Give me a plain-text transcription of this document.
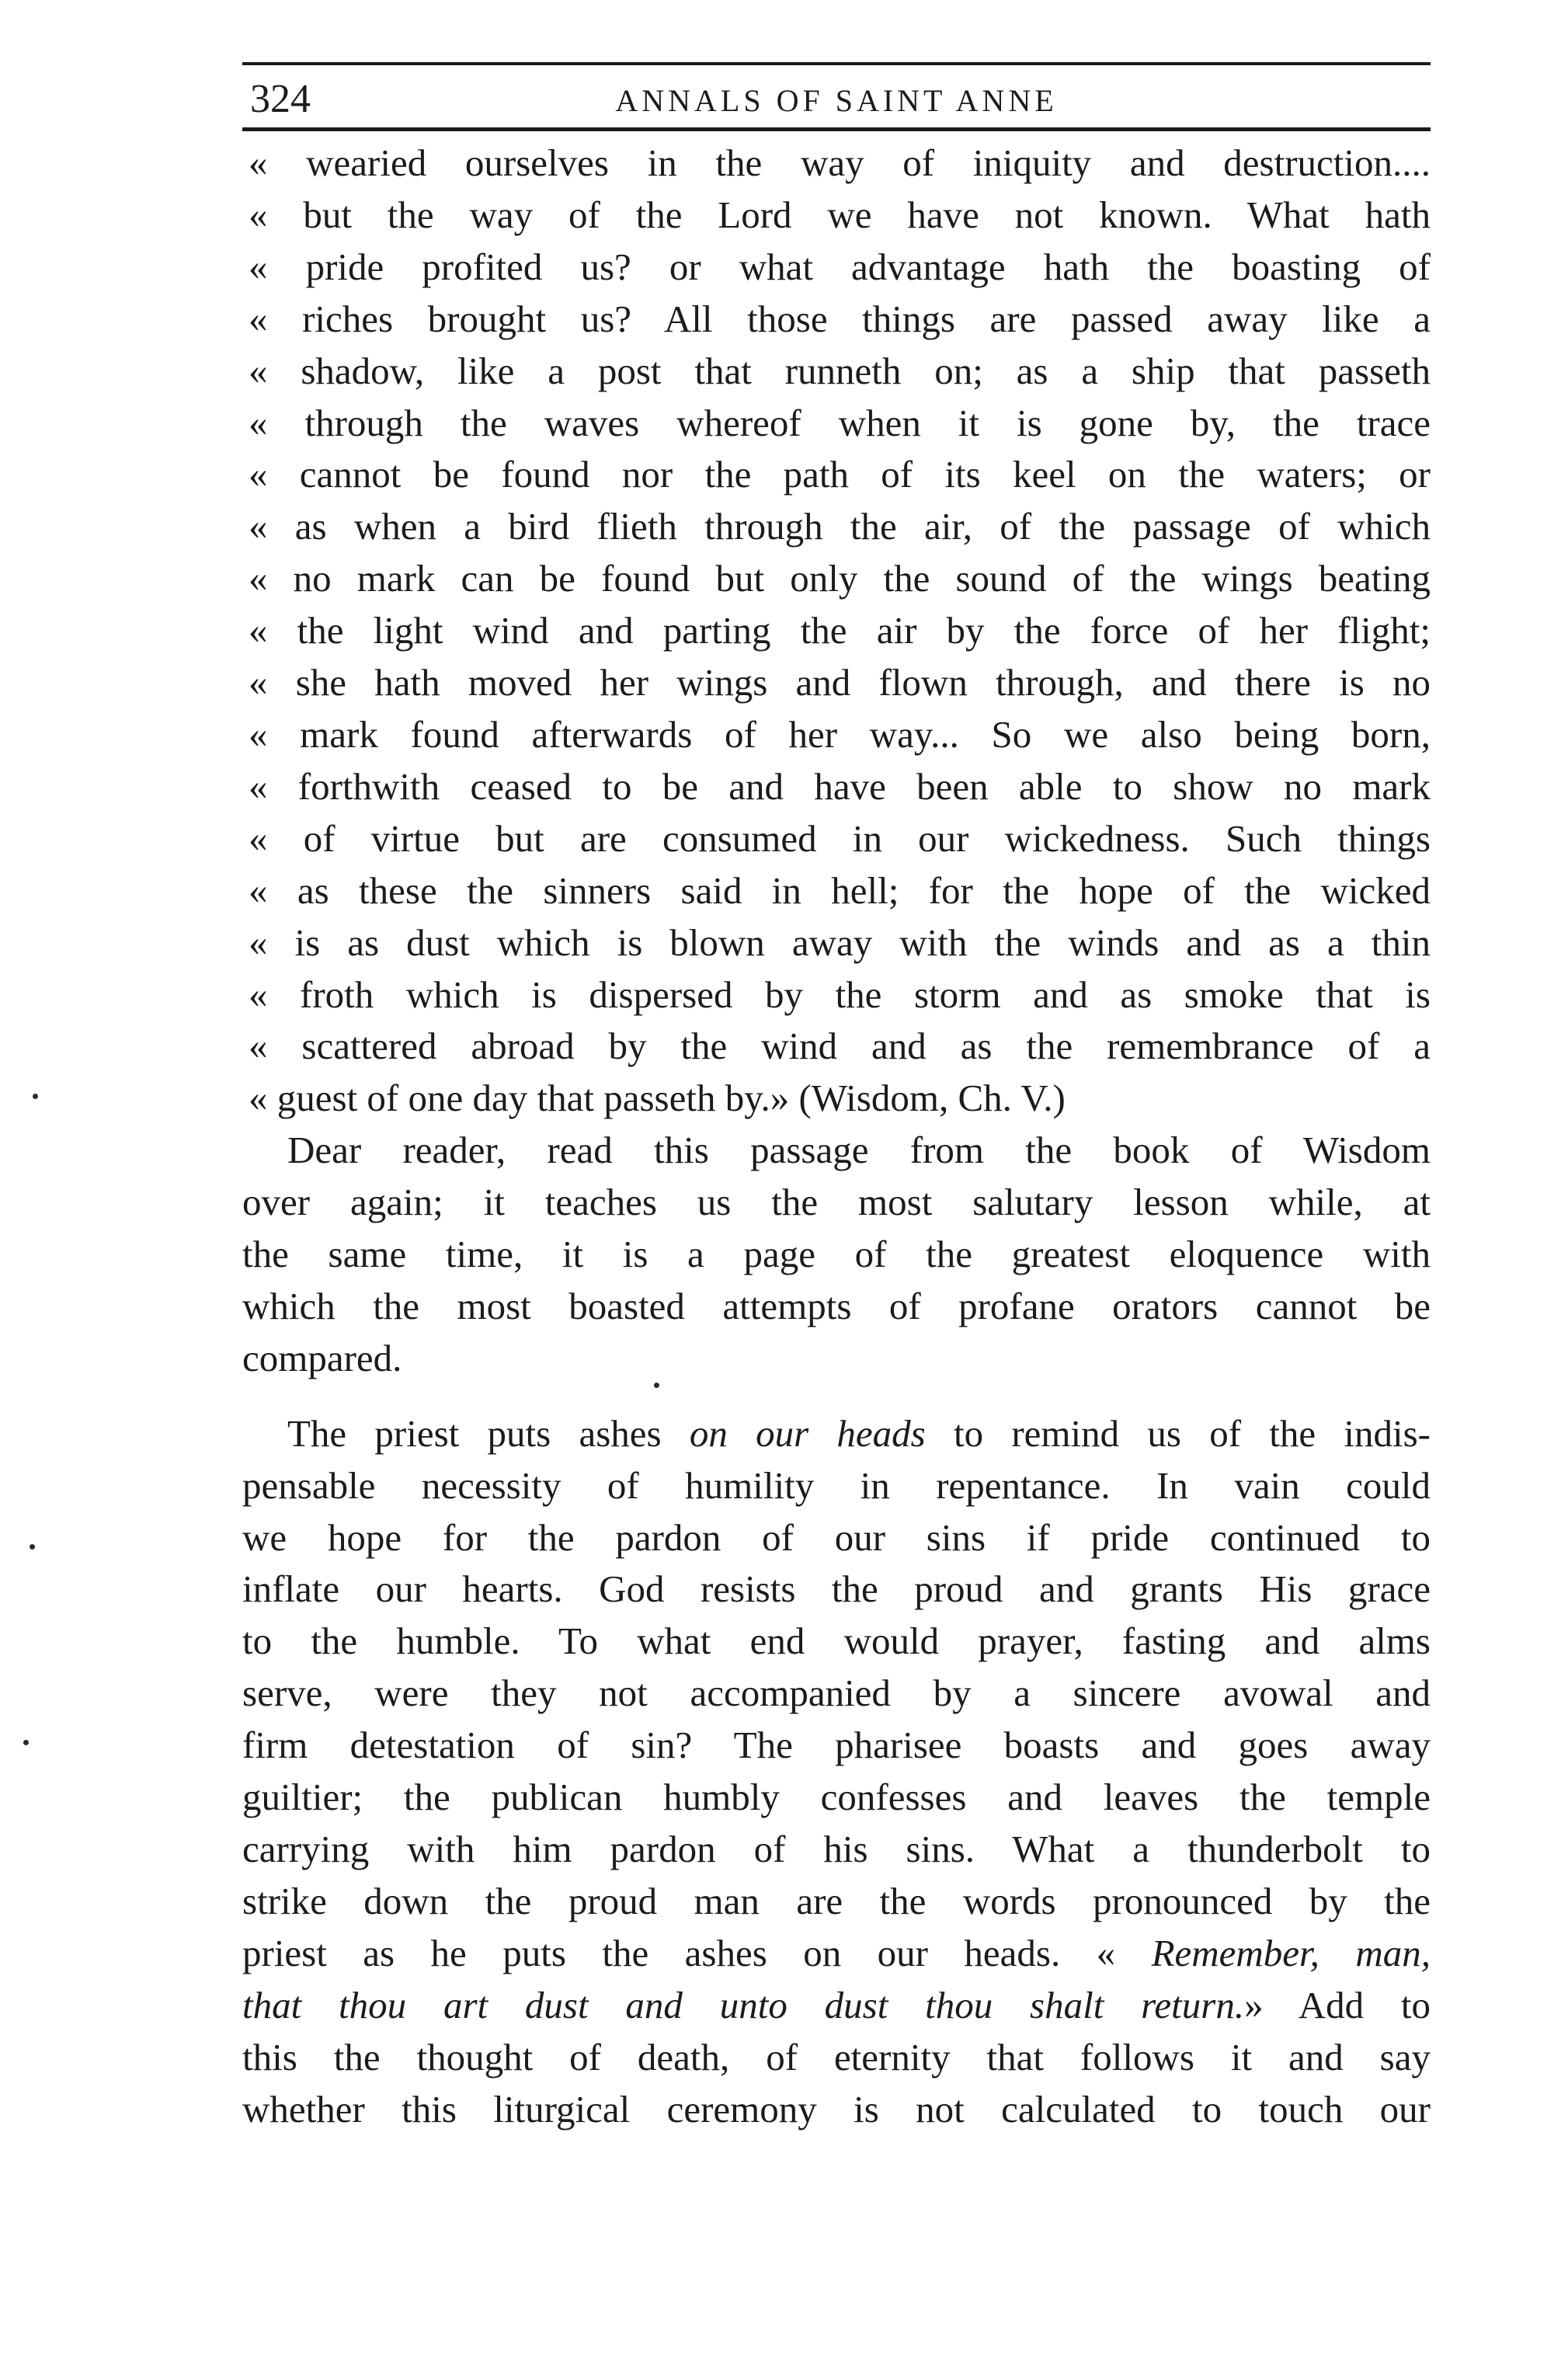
324	ANNALS OF SAINT ANNE
« wearied ourselves in the way of iniquity and destruction....
« but the way of the Lord we have not known. What hath
« pride profited us? or what advantage hath the boasting of
« riches brought us? All those things are passed away like a
« shadow, like a post that runneth on; as a ship that passeth
« through the waves whereof when it is gone by, the trace
« cannot be found nor the path of its keel on the waters; or
« as when a bird flieth through the air, of the passage of which
« no mark can be found but only the sound of the wings beating
« the light wind and parting the air by the force of her flight;
« she hath moved her wings and flown through, and there is no
« mark found afterwards of her way... So we also being born,
« forthwith ceased to be and have been able to show no mark
« of virtue but are consumed in our wickedness. Such things
« as these the sinners said in hell; for the hope of the wicked
« is as dust which is blown away with the winds and as a thin
« froth which is dispersed by the storm and as smoke that is
« scattered abroad by the wind and as the remembrance of a
« guest of one day that passeth by.» (Wisdom, Ch. V.)
Dear reader, read this passage from the book of Wisdom
over again; it teaches us the most salutary lesson while, at
the same time, it is a page of the greatest eloquence with
which the most boasted attempts of profane orators cannot be
compared.
The priest puts ashes on our heads to remind us of the indis-
pensable necessity of humility in repentance. In vain could
we hope for the pardon of our sins if pride continued to
inflate our hearts. God resists the proud and grants His grace
to the humble. To what end would prayer, fasting and alms
serve, were they not accompanied by a sincere avowal and
firm detestation of sin? The pharisee boasts and goes away
guiltier; the publican humbly confesses and leaves the temple
carrying with him pardon of his sins. What a thunderbolt to
strike down the proud man are the words pronounced by the
priest as he puts the ashes on our heads. « Remember, man,
that thou art dust and unto dust thou shalt return.» Add to
this the thought of death, of eternity that follows it and say
whether this liturgical ceremony is not calculated to touch our
